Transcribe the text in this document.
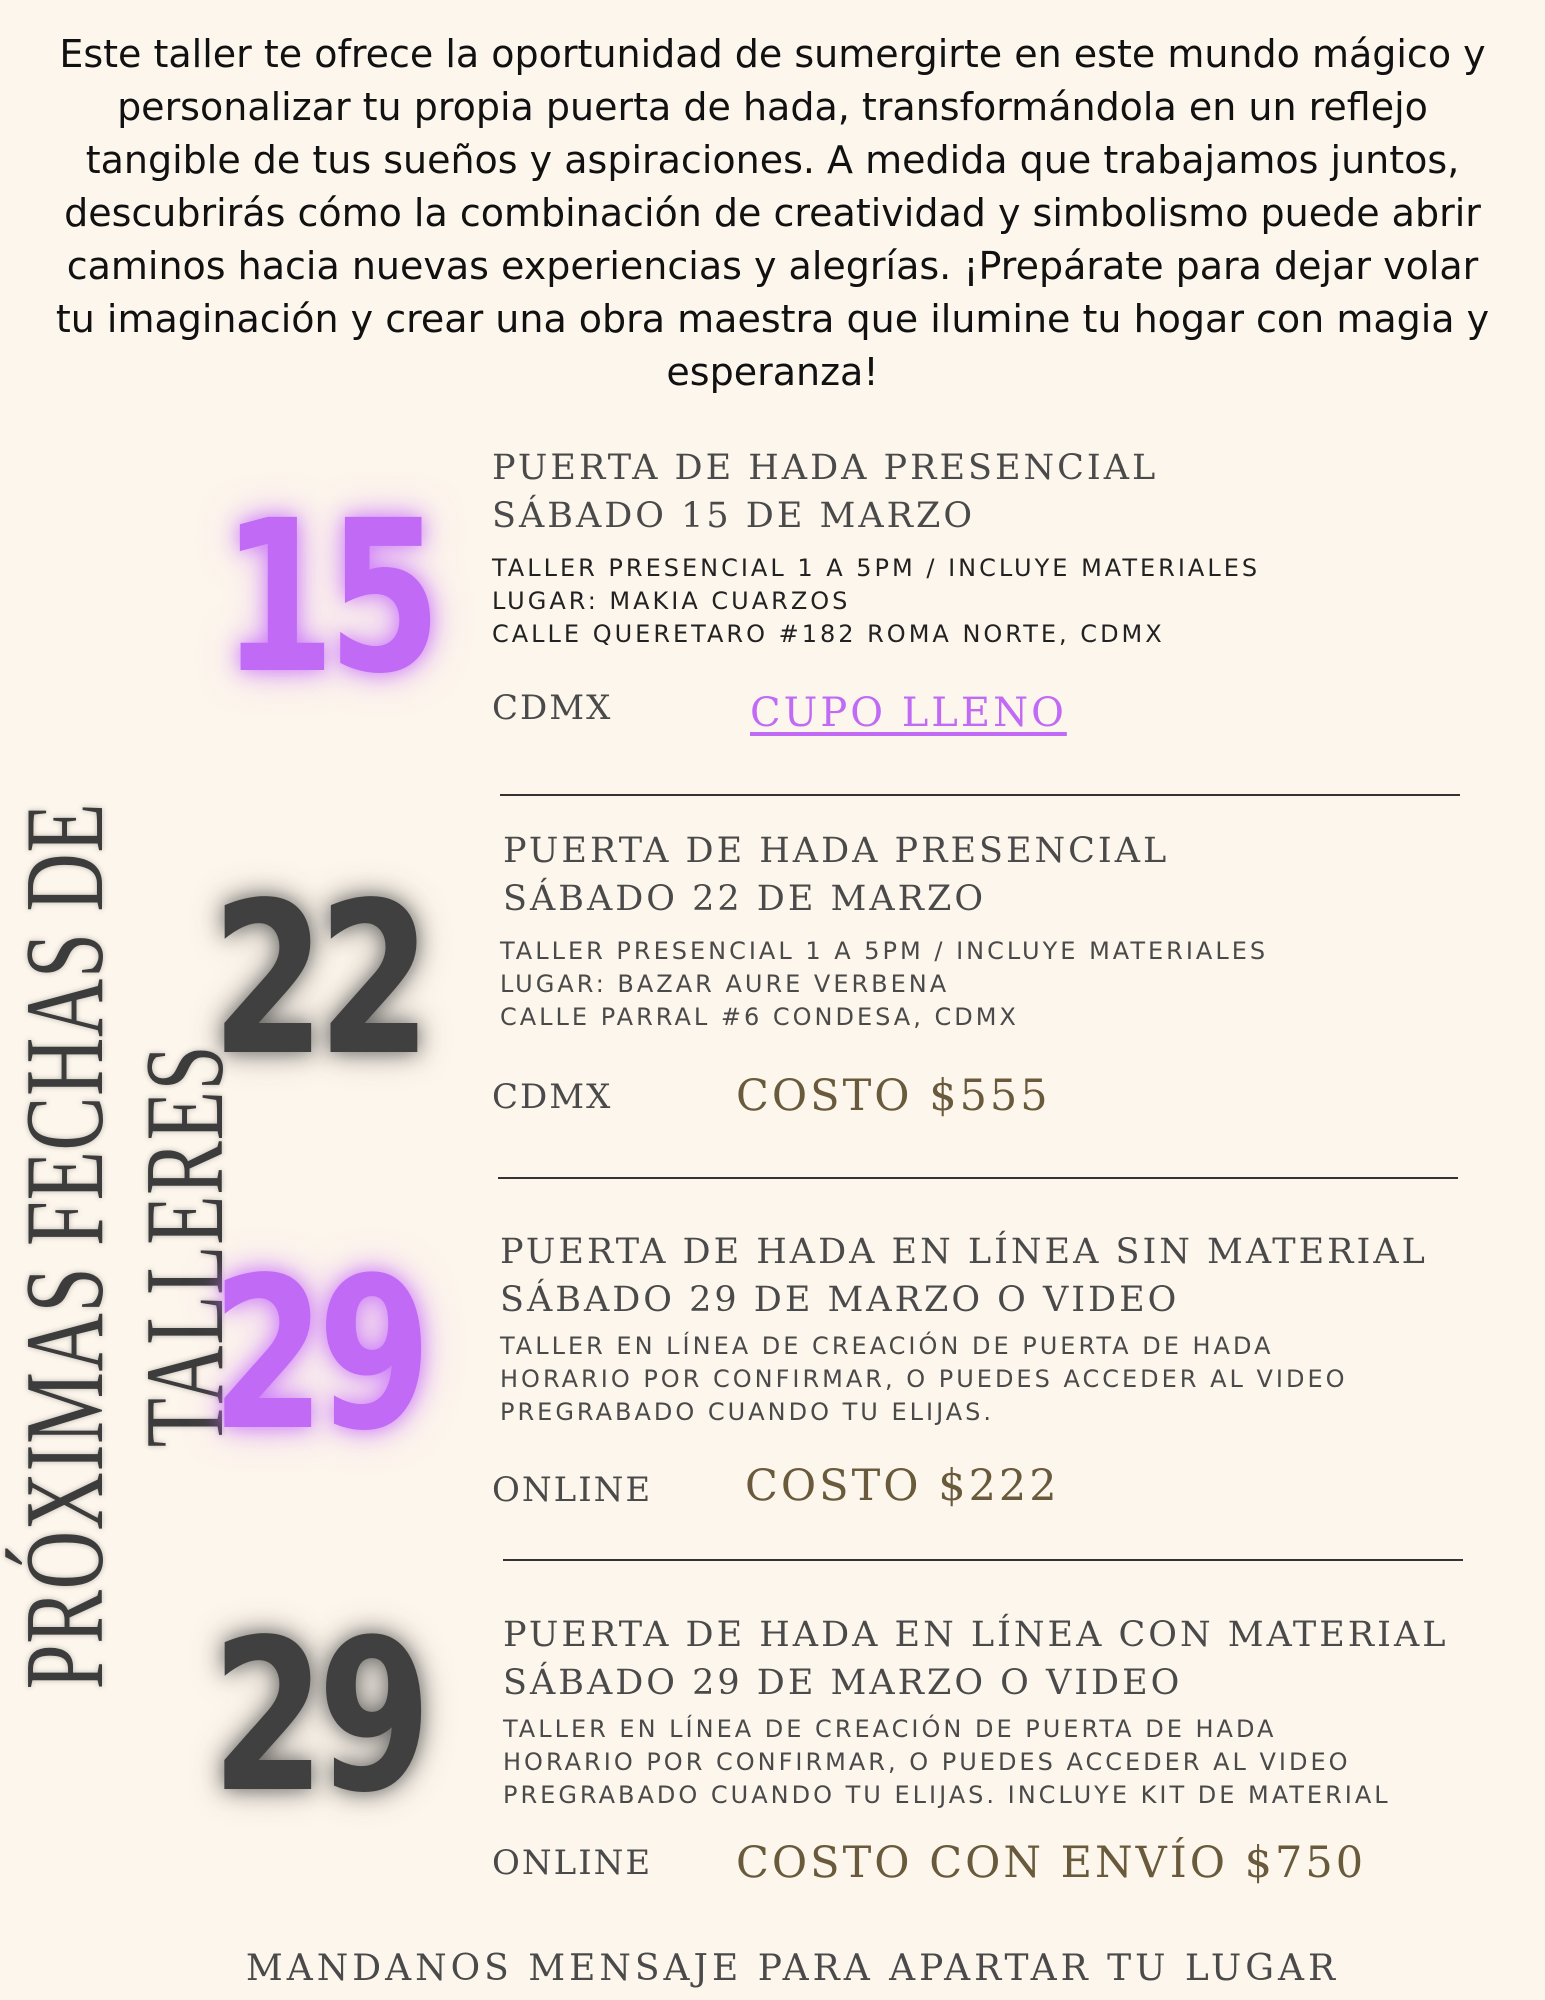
Este taller te ofrece la oportunidad de sumergirte en este mundo mágico y personalizar tu propia puerta de hada, transformándola en un reflejo tangible de tus sueños y aspiraciones. A medida que trabajamos juntos, descubrirás cómo la combinación de creatividad y simbolismo puede abrir caminos hacia nuevas experiencias y alegrías. ¡Prepárate para dejar volar tu imaginación y crear una obra maestra que ilumine tu hogar con magia y esperanza!

PRÓXIMAS FECHAS DE TALLERES
15
PUERTA DE HADA PRESENCIAL
SÁBADO 15 DE MARZO
TALLER PRESENCIAL 1 A 5PM / INCLUYE MATERIALES
LUGAR: MAKIA CUARZOS
CALLE QUERETARO #182 ROMA NORTE, CDMX
CDMX	CUPO LLENO
22
PUERTA DE HADA PRESENCIAL
SÁBADO 22 DE MARZO
TALLER PRESENCIAL 1 A 5PM / INCLUYE MATERIALES
LUGAR: BAZAR AURE VERBENA
CALLE PARRAL #6 CONDESA, CDMX
CDMX	COSTO $555
29 PUERTA DE HADA EN LÍNEA SIN MATERIAL
SÁBADO 29 DE MARZO O VIDEO
TALLER EN LÍNEA DE CREACIÓN DE PUERTA DE HADA
HORARIO POR CONFIRMAR, O PUEDES ACCEDER AL VIDEO
PREGRABADO CUANDO TU ELIJAS.
ONLINE COSTO $222
29 PUERTA DE HADA EN LÍNEA CON MATERIAL
SÁBADO 29 DE MARZO O VIDEO
TALLER EN LÍNEA DE CREACIÓN DE PUERTA DE HADA
HORARIO POR CONFIRMAR, O PUEDES ACCEDER AL VIDEO
PREGRABADO CUANDO TU ELIJAS. INCLUYE KIT DE MATERIAL
ONLINE COSTO CON ENVÍO $750
MANDANOS MENSAJE PARA APARTAR TU LUGAR
